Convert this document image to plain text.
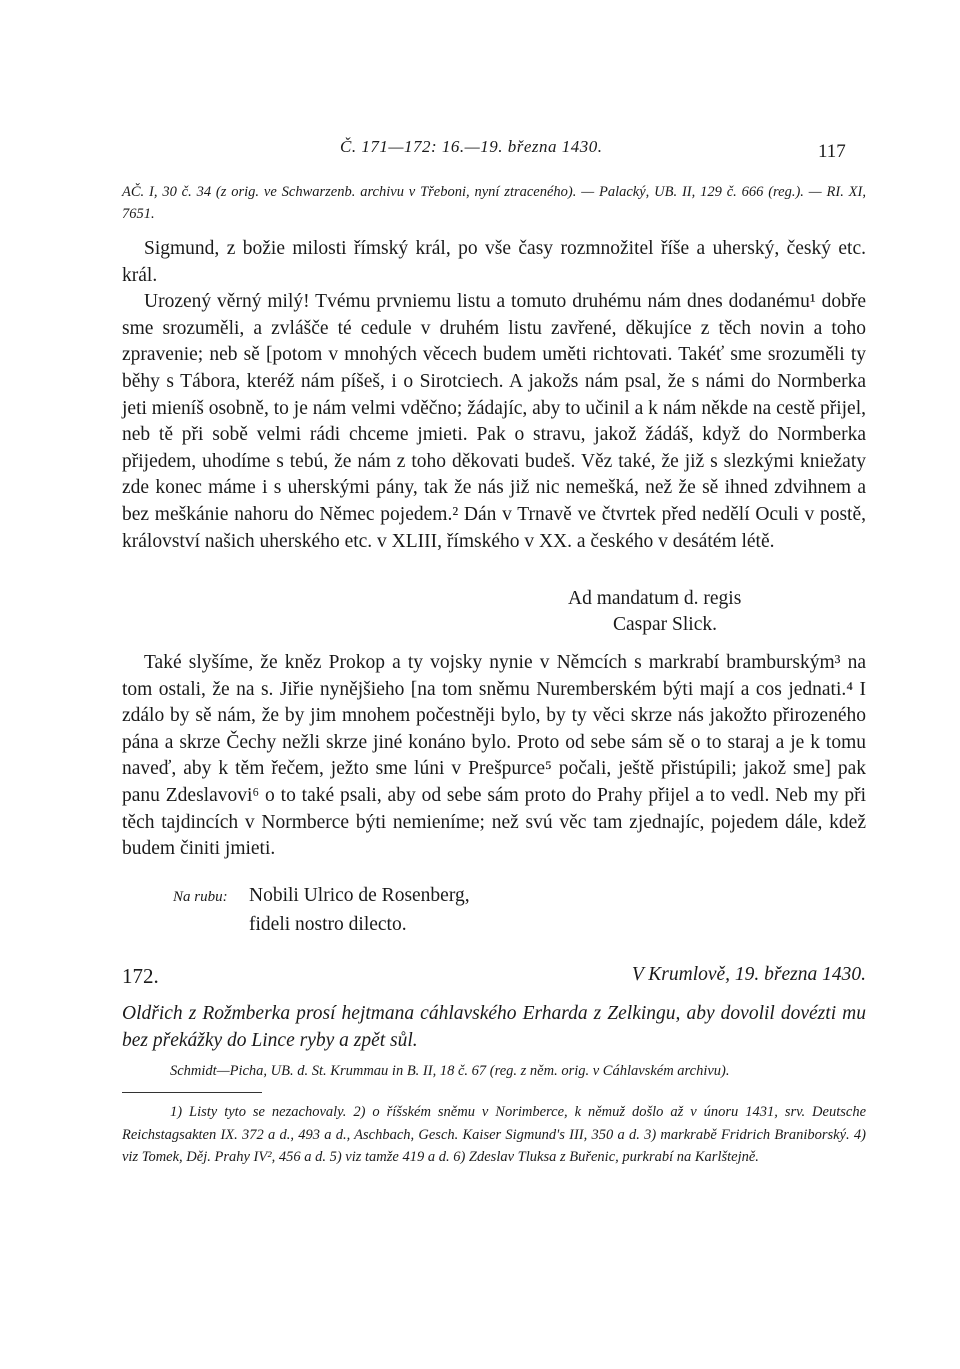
Č. 171—172: 16.—19. března 1430.	117
AČ. I, 30 č. 34 (z orig. ve Schwarzenb. archivu v Třeboni, nyní ztraceného). — Palacký, UB. II, 129 č. 666 (reg.). — RI. XI, 7651.

Sigmund, z božie milosti římský král, po vše časy rozmnožitel říše a uherský, český etc. král.

Urozený věrný milý! Tvému prvniemu listu a tomuto druhému nám dnes dodanému¹ dobře sme srozuměli, a zvlášče té cedule v druhém listu zavřené, děkujíce z těch novin a toho zpravenie; neb sě [potom v mnohých věcech budem uměti richtovati. Takéť sme srozuměli ty běhy s Tábora, kteréž nám píšeš, i o Sirotciech. A jakožs nám psal, že s námi do Normberka jeti mieníš osobně, to je nám velmi vděčno; žádajíc, aby to učinil a k nám někde na cestě přijel, neb tě při sobě velmi rádi chceme jmieti. Pak o stravu, jakož žádáš, když do Normberka přijedem, uhodíme s tebú, že nám z toho děkovati budeš. Věz také, že již s slezkými kniežaty zde konec máme i s uherskými pány, tak že nás již nic nemešká, než že sě ihned zdvihnem a bez meškánie nahoru do Němec pojedem.² Dán v Trnavě ve čtvrtek před nedělí Oculi v postě, království našich uherského etc. v XLIII, římského v XX. a českého v desátém létě.

Ad mandatum d. regis
Caspar Slick.

Také slyšíme, že kněz Prokop a ty vojsky nynie v Němcích s markrabí bramburským³ na tom ostali, že na s. Jiřie nynějšieho [na tom sněmu Nuremberském býti mají a cos jednati.⁴ I zdálo by sě nám, že by jim mnohem počestněji bylo, by ty věci skrze nás jakožto přirozeného pána a skrze Čechy nežli skrze jiné konáno bylo. Proto od sebe sám sě o to staraj a je k tomu naveď, aby k těm řečem, ježto sme lúni v Prešpurce⁵ počali, ještě přistúpili; jakož sme] pak panu Zdeslavovi⁶ o to také psali, aby od sebe sám proto do Prahy přijel a to vedl. Neb my při těch tajdincích v Normberce býti nemieníme; než svú věc tam zjednajíc, pojedem dále, kdež budem činiti jmieti.

Na rubu: Nobili Ulrico de Rosenberg,
fideli nostro dilecto.
172.	V Krumlově, 19. března 1430.
Oldřich z Rožmberka prosí hejtmana cáhlavského Erharda z Zelkingu, aby dovolil dovézti mu bez překážky do Lince ryby a zpět sůl.
Schmidt—Picha, UB. d. St. Krummau in B. II, 18 č. 67 (reg. z něm. orig. v Cáhlavském archivu).

1) Listy tyto se nezachovaly. 2) o říšském sněmu v Norimberce, k němuž došlo až v únoru 1431, srv. Deutsche Reichstagsakten IX. 372 a d., 493 a d., Aschbach, Gesch. Kaiser Sigmund's III, 350 a d. 3) markrabě Fridrich Braniborský. 4) viz Tomek, Děj. Prahy IV², 456 a d. 5) viz tamže 419 a d. 6) Zdeslav Tluksa z Buřenic, purkrabí na Karlštejně.
